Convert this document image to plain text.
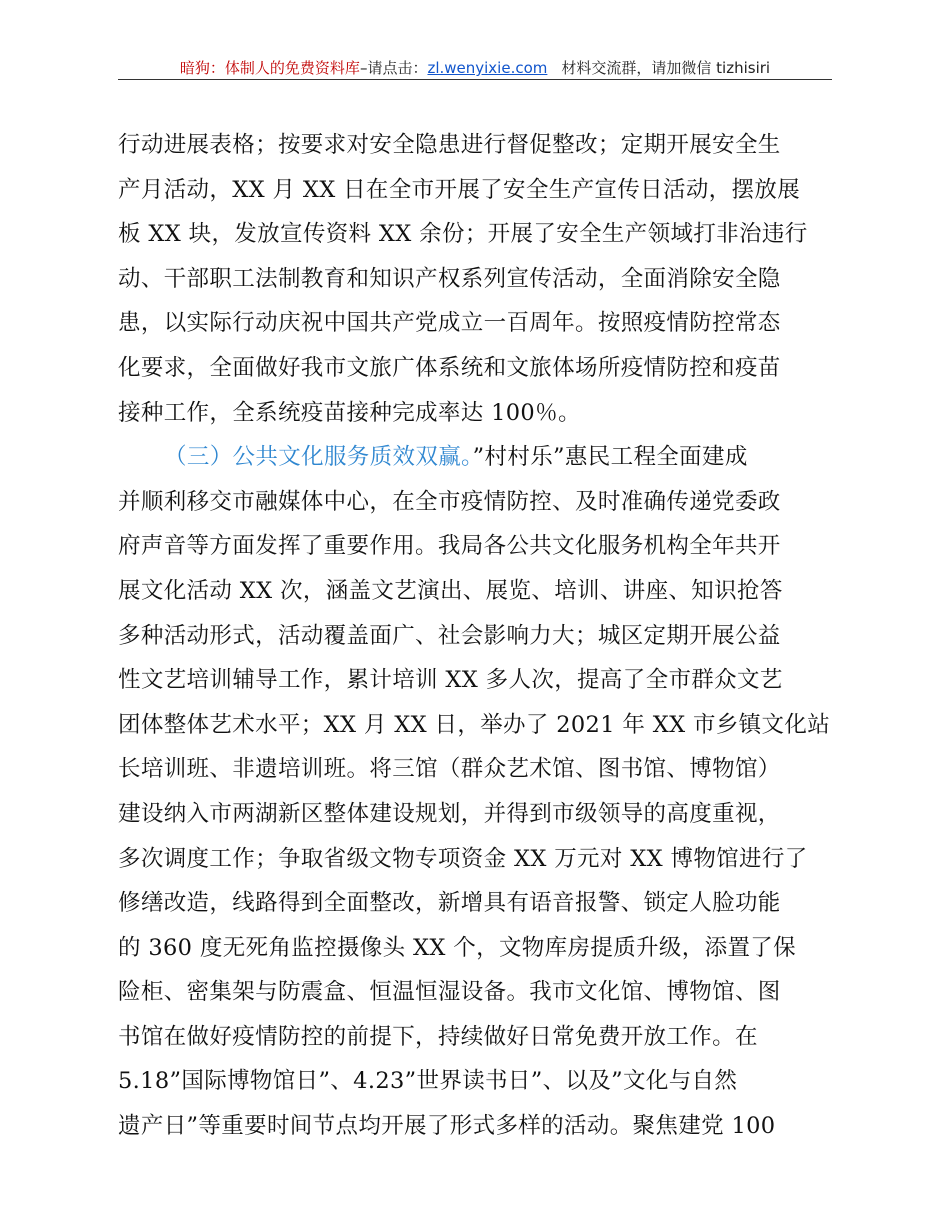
暗狗：体制人的免费资料库–请点击：zl.wenyixie.com 材料交流群，请加微信 tizhisiri
行动进展表格；按要求对安全隐患进行督促整改；定期开展安全生
产月活动，XX 月 XX 日在全市开展了安全生产宣传日活动，摆放展
板 XX 块，发放宣传资料 XX 余份；开展了安全生产领域打非治违行
动、干部职工法制教育和知识产权系列宣传活动，全面消除安全隐
患，以实际行动庆祝中国共产党成立一百周年。按照疫情防控常态
化要求，全面做好我市文旅广体系统和文旅体场所疫情防控和疫苗
接种工作，全系统疫苗接种完成率达 100％。
（三）公共文化服务质效双赢。”村村乐”惠民工程全面建成
并顺利移交市融媒体中心，在全市疫情防控、及时准确传递党委政
府声音等方面发挥了重要作用。我局各公共文化服务机构全年共开
展文化活动 XX 次，涵盖文艺演出、展览、培训、讲座、知识抢答
多种活动形式，活动覆盖面广、社会影响力大；城区定期开展公益
性文艺培训辅导工作，累计培训 XX 多人次，提高了全市群众文艺
团体整体艺术水平；XX 月 XX 日，举办了 2021 年 XX 市乡镇文化站
长培训班、非遗培训班。将三馆（群众艺术馆、图书馆、博物馆）
建设纳入市两湖新区整体建设规划，并得到市级领导的高度重视，
多次调度工作；争取省级文物专项资金 XX 万元对 XX 博物馆进行了
修缮改造，线路得到全面整改，新增具有语音报警、锁定人脸功能
的 360 度无死角监控摄像头 XX 个，文物库房提质升级，添置了保
险柜、密集架与防震盒、恒温恒湿设备。我市文化馆、博物馆、图
书馆在做好疫情防控的前提下，持续做好日常免费开放工作。在
5.18”国际博物馆日”、4.23”世界读书日”、以及”文化与自然
遗产日”等重要时间节点均开展了形式多样的活动。聚焦建党 100
